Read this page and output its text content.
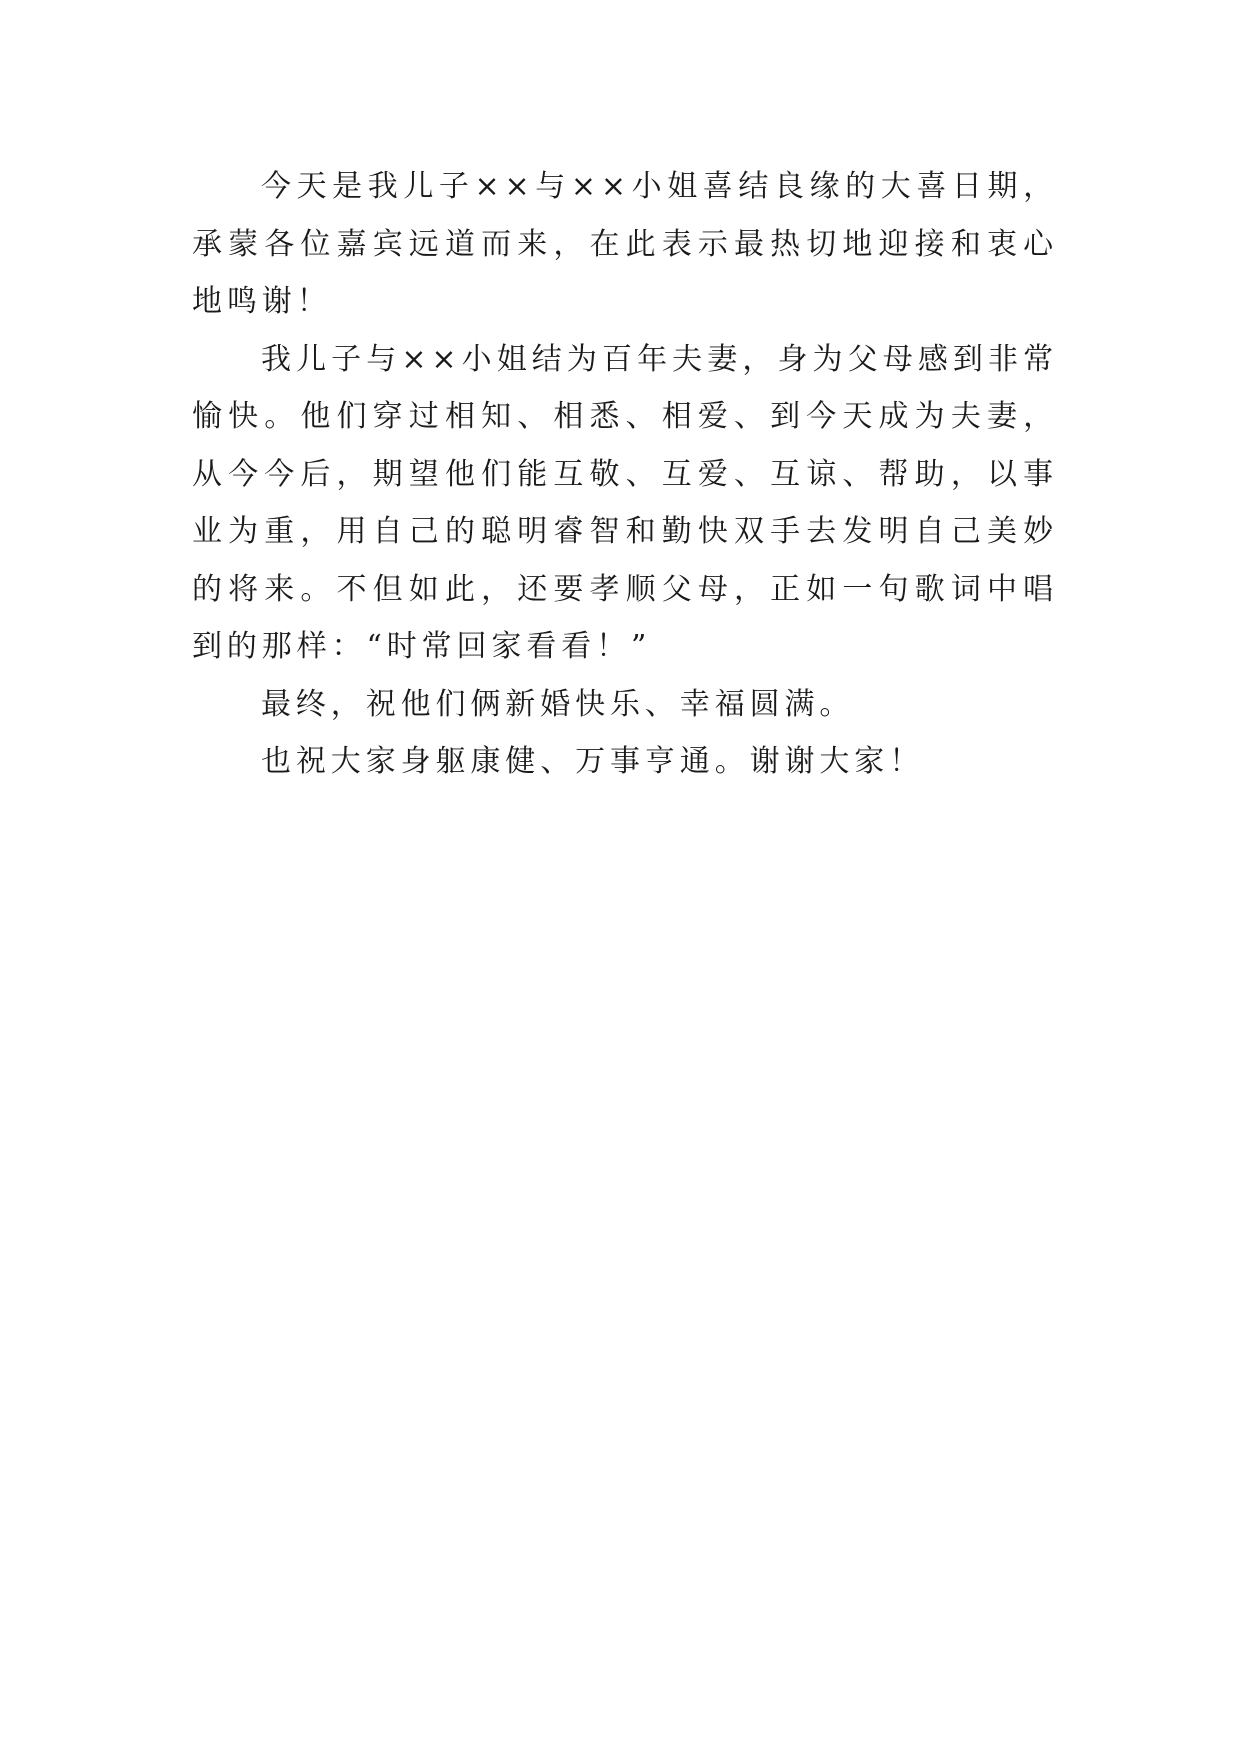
今天是我儿子××与××小姐喜结良缘的大喜日期，承蒙各位嘉宾远道而来，在此表示最热切地迎接和衷心地鸣谢！

我儿子与××小姐结为百年夫妻，身为父母感到非常愉快。他们穿过相知、相悉、相爱、到今天成为夫妻，从今今后，期望他们能互敬、互爱、互谅、帮助，以事业为重，用自己的聪明睿智和勤快双手去发明自己美妙的将来。不但如此，还要孝顺父母，正如一句歌词中唱到的那样：“时常回家看看！”

最终，祝他们俩新婚快乐、幸福圆满。

也祝大家身躯康健、万事亨通。谢谢大家！
